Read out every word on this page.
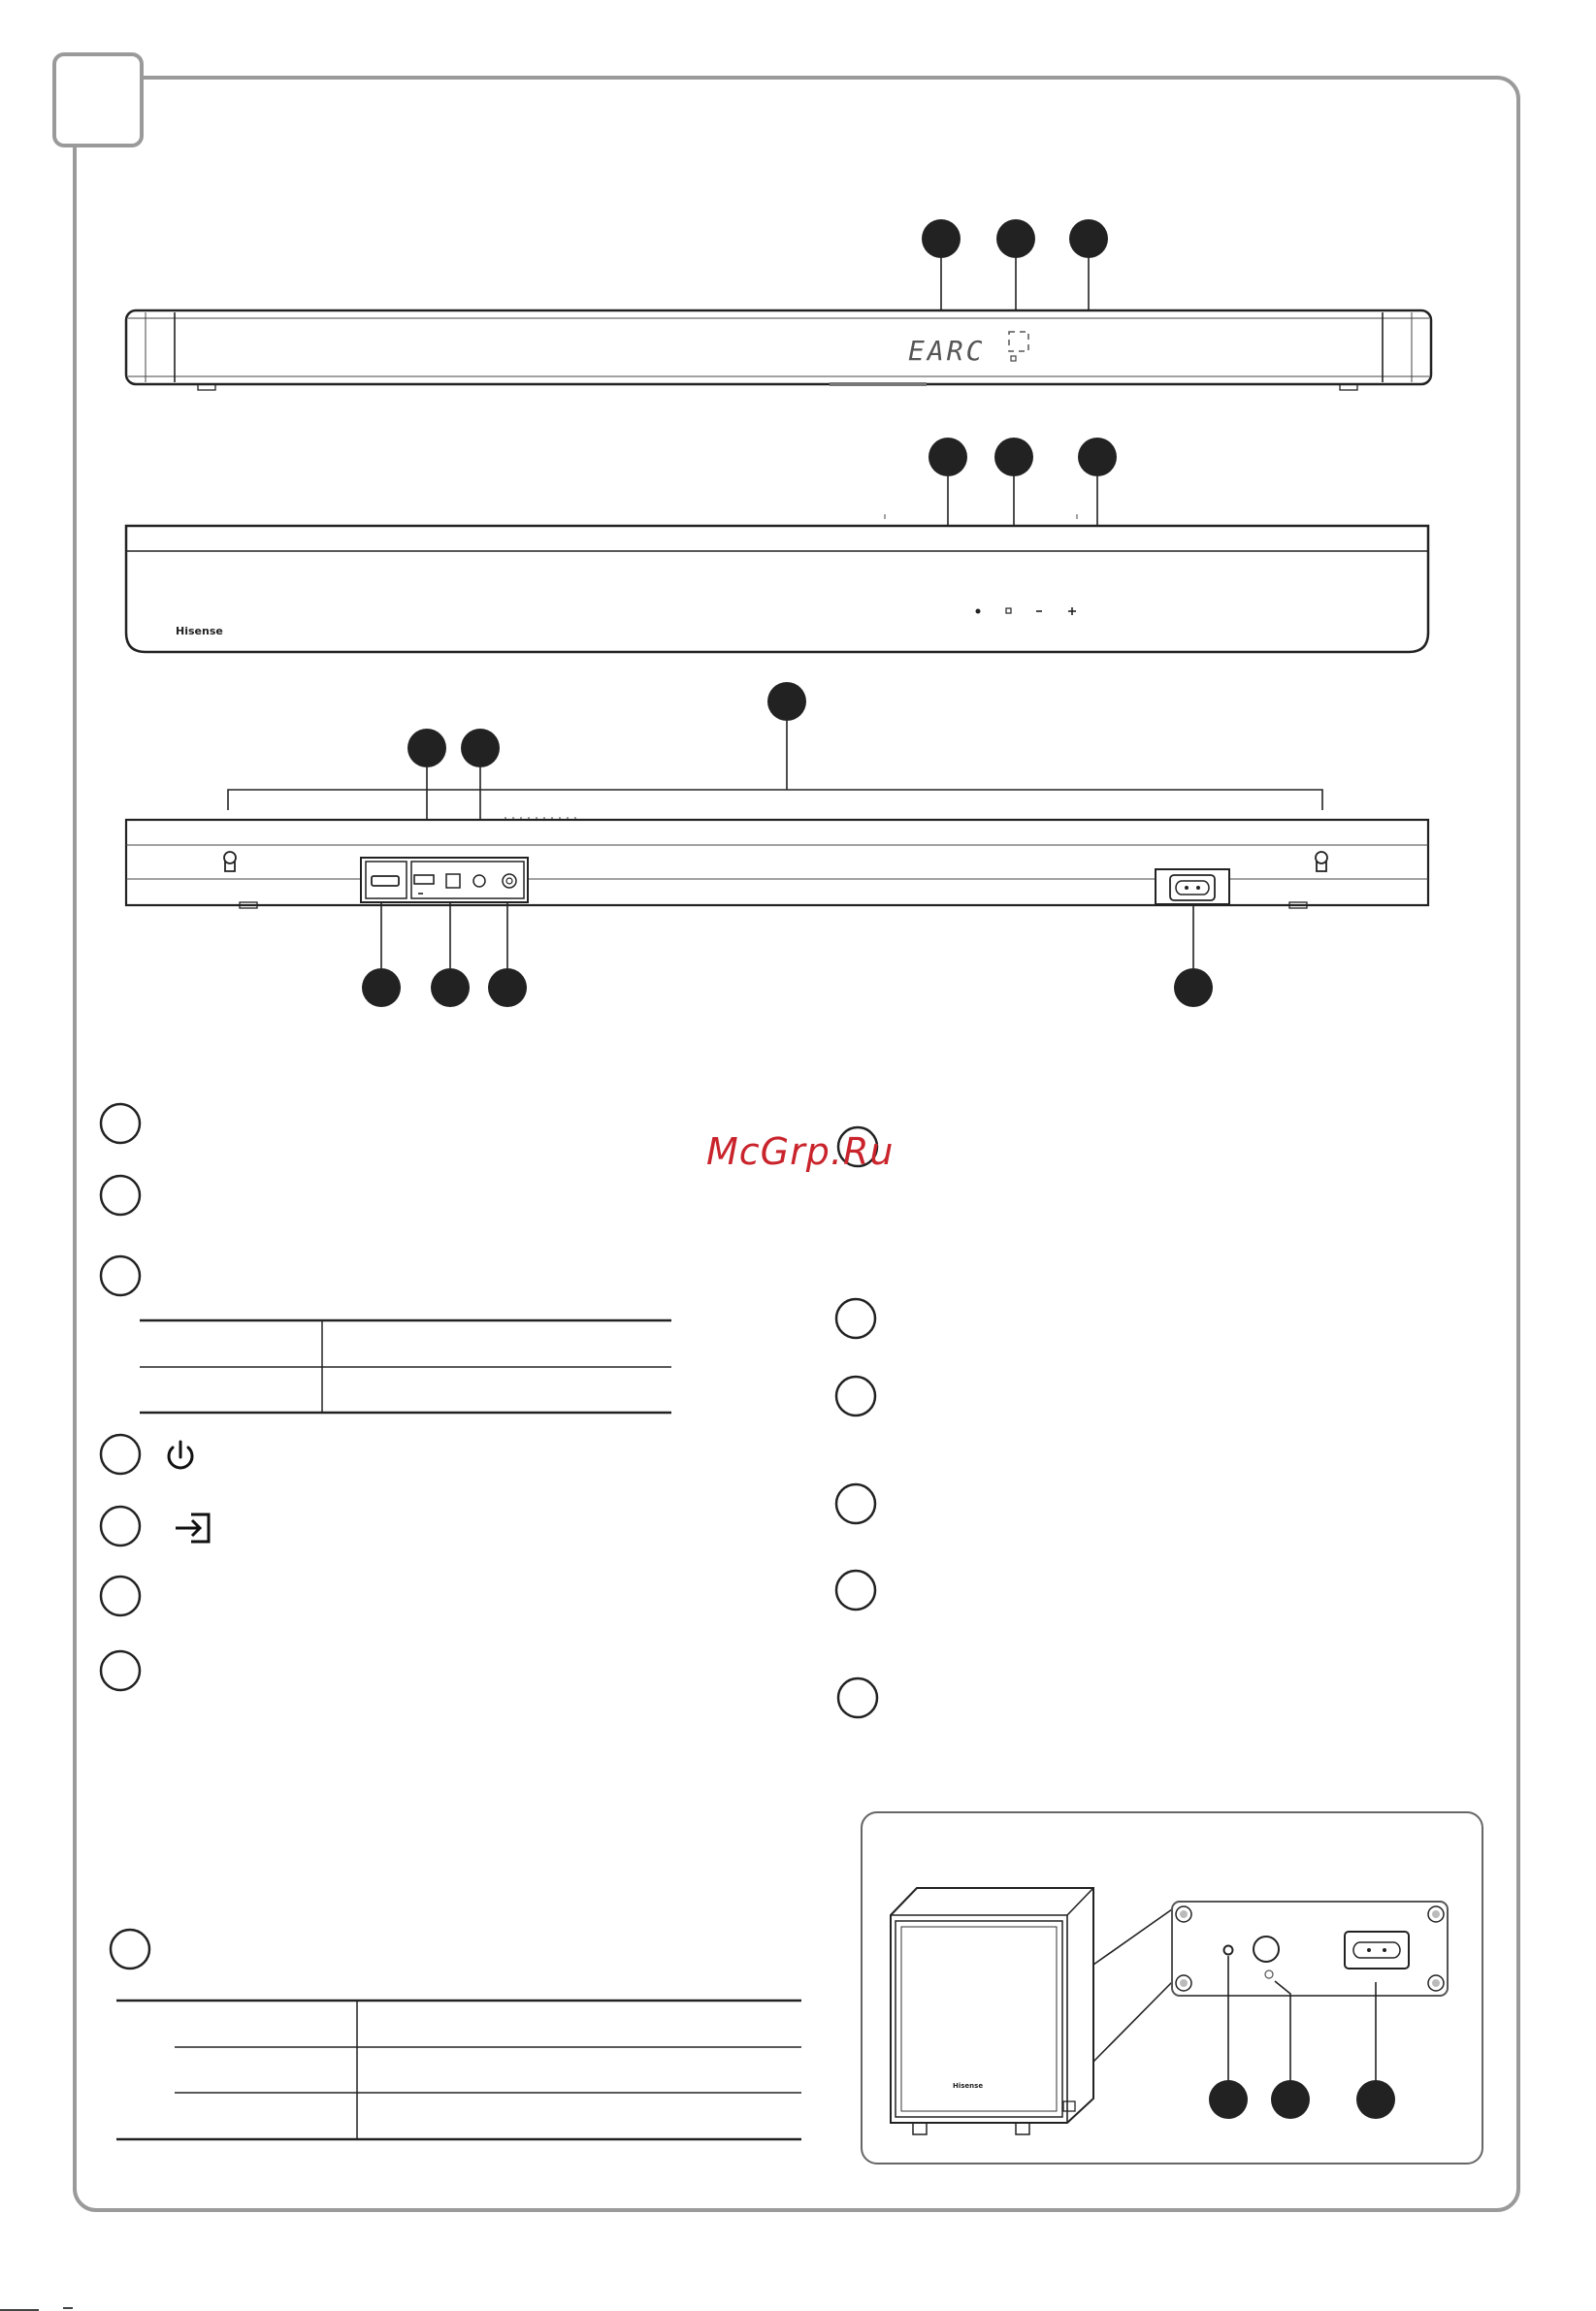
EARC
Hisense
Hisense
McGrp.Ru
